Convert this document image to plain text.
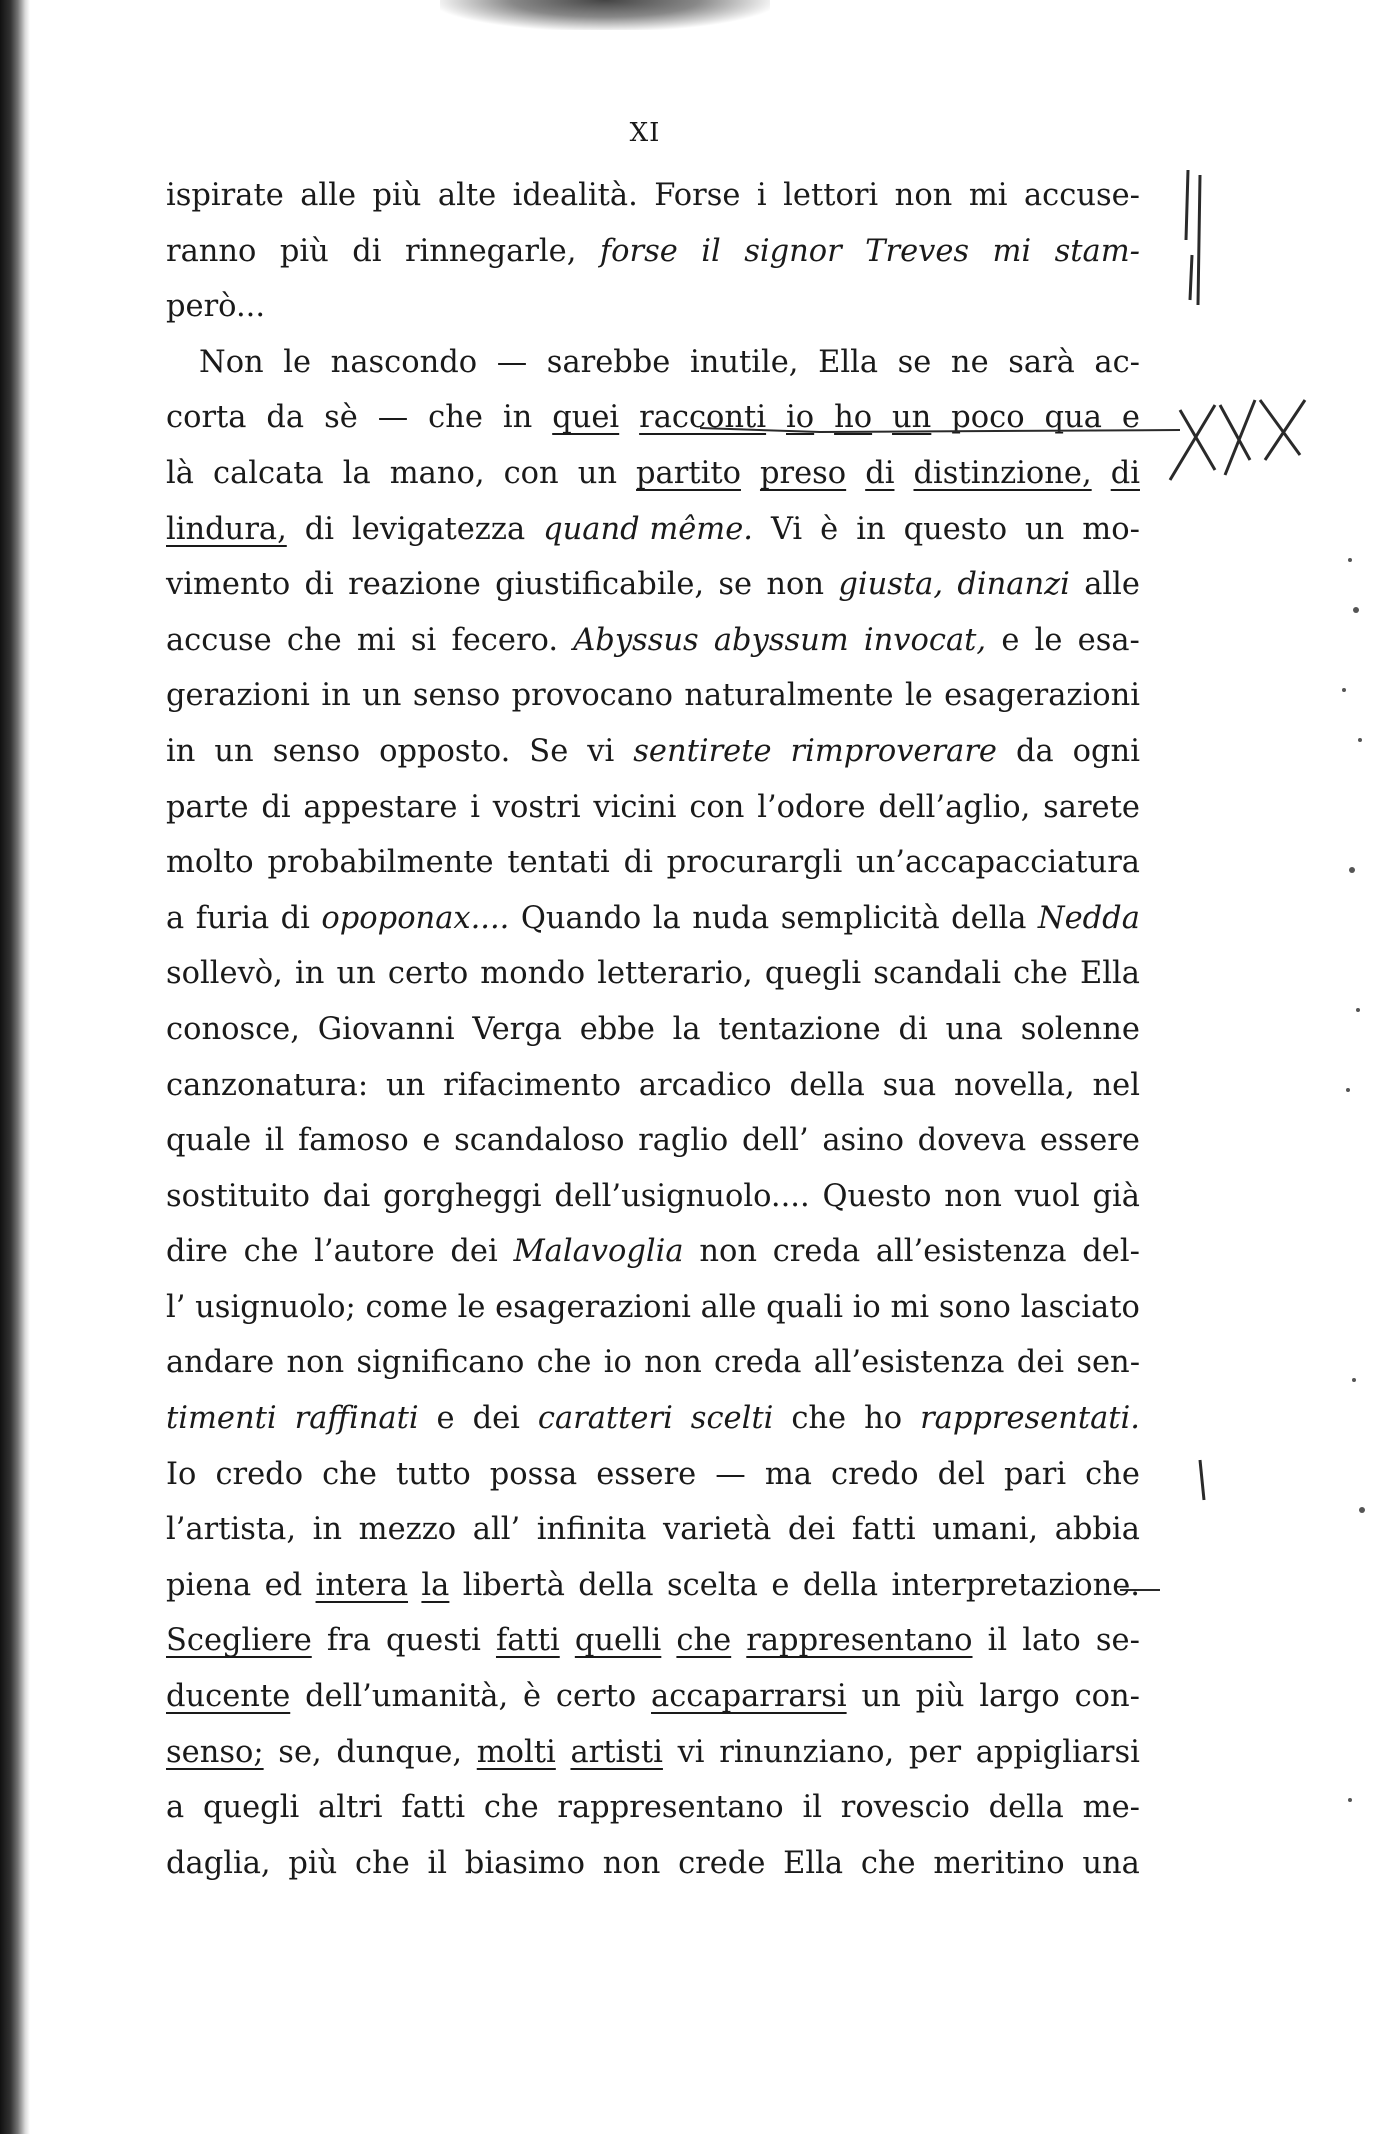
XI
ispirate alle più alte idealità. Forse i lettori non mi accuse-
ranno più di rinnegarle, forse il signor Treves mi stam-
però...
Non le nascondo — sarebbe inutile, Ella se ne sarà ac-
corta da sè — che in quei racconti io ho un poco qua e
là calcata la mano, con un partito preso di distinzione, di
lindura, di levigatezza quand même. Vi è in questo un mo-
vimento di reazione giustificabile, se non giusta, dinanzi alle
accuse che mi si fecero. Abyssus abyssum invocat, e le esa-
gerazioni in un senso provocano naturalmente le esagerazioni
in un senso opposto. Se vi sentirete rimproverare da ogni
parte di appestare i vostri vicini con l’odore dell’aglio, sarete
molto probabilmente tentati di procurargli un’accapacciatura
a furia di opoponax.... Quando la nuda semplicità della Nedda
sollevò, in un certo mondo letterario, quegli scandali che Ella
conosce, Giovanni Verga ebbe la tentazione di una solenne
canzonatura: un rifacimento arcadico della sua novella, nel
quale il famoso e scandaloso raglio dell’ asino doveva essere
sostituito dai gorgheggi dell’usignuolo.... Questo non vuol già
dire che l’autore dei Malavoglia non creda all’esistenza del-
l’ usignuolo; come le esagerazioni alle quali io mi sono lasciato
andare non significano che io non creda all’esistenza dei sen-
timenti raffinati e dei caratteri scelti che ho rappresentati.
Io credo che tutto possa essere — ma credo del pari che
l’artista, in mezzo all’ infinita varietà dei fatti umani, abbia
piena ed intera la libertà della scelta e della interpretazione.
Scegliere fra questi fatti quelli che rappresentano il lato se-
ducente dell’umanità, è certo accaparrarsi un più largo con-
senso; se, dunque, molti artisti vi rinunziano, per appigliarsi
a quegli altri fatti che rappresentano il rovescio della me-
daglia, più che il biasimo non crede Ella che meritino una
